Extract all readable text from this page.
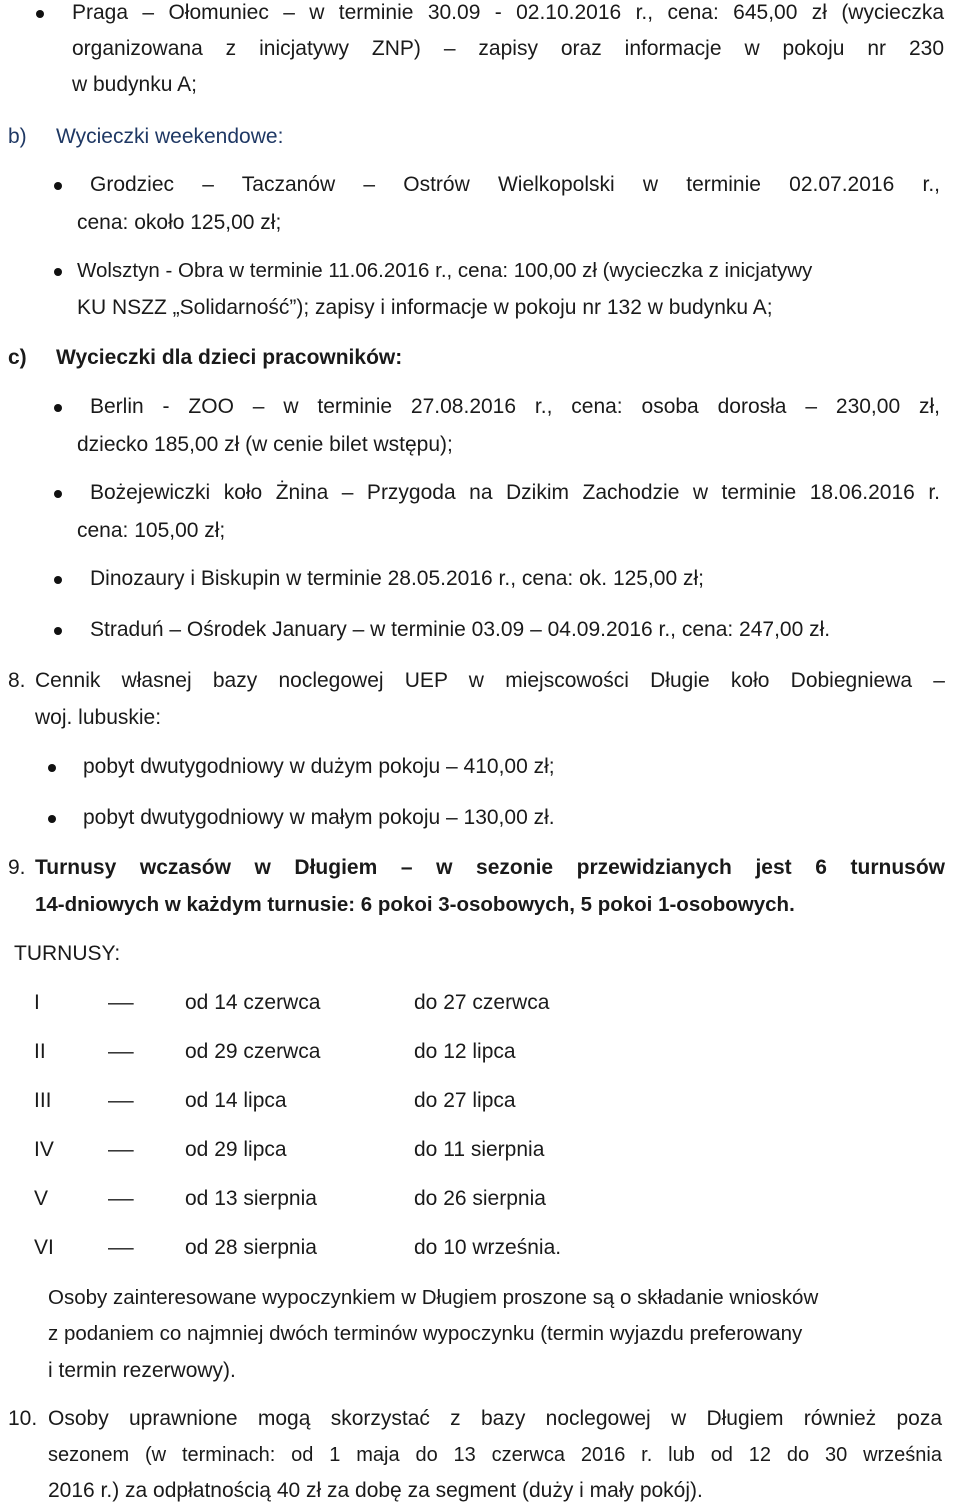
Praga – Ołomuniec – w terminie 30.09 - 02.10.2016 r., cena: 645,00 zł (wycieczka
organizowana z inicjatywy ZNP) – zapisy oraz informacje w pokoju nr 230
w budynku A;
b) Wycieczki weekendowe:
Grodziec – Taczanów – Ostrów Wielkopolski w terminie 02.07.2016 r.,
cena: około 125,00 zł;
Wolsztyn - Obra w terminie 11.06.2016 r., cena: 100,00 zł (wycieczka z inicjatywy
KU NSZZ „Solidarność”); zapisy i informacje w pokoju nr 132 w budynku A;
c) Wycieczki dla dzieci pracowników:
Berlin - ZOO – w terminie 27.08.2016 r., cena: osoba dorosła – 230,00 zł,
dziecko 185,00 zł (w cenie bilet wstępu);
Bożejewiczki koło Żnina – Przygoda na Dzikim Zachodzie w terminie 18.06.2016 r.
cena: 105,00 zł;
Dinozaury i Biskupin w terminie 28.05.2016 r., cena: ok. 125,00 zł;
Straduń – Ośrodek January – w terminie 03.09 – 04.09.2016 r., cena: 247,00 zł.
8. Cennik własnej bazy noclegowej UEP w miejscowości Długie koło Dobiegniewa –
woj. lubuskie:
pobyt dwutygodniowy w dużym pokoju – 410,00 zł;
pobyt dwutygodniowy w małym pokoju – 130,00 zł.
9. Turnusy wczasów w Długiem – w sezonie przewidzianych jest 6 turnusów
14-dniowych w każdym turnusie: 6 pokoi 3-osobowych, 5 pokoi 1-osobowych.
TURNUSY:
I	– od 14 czerwca	do 27 czerwca
II	– od 29 czerwca	do 12 lipca
III	– od 14 lipca	do 27 lipca
IV	– od 29 lipca	do 11 sierpnia
V	– od 13 sierpnia	do 26 sierpnia
VI	– od 28 sierpnia	do 10 września.
Osoby zainteresowane wypoczynkiem w Długiem proszone są o składanie wniosków
z podaniem co najmniej dwóch terminów wypoczynku (termin wyjazdu preferowany
i termin rezerwowy).
10. Osoby uprawnione mogą skorzystać z bazy noclegowej w Długiem również poza
sezonem (w terminach: od 1 maja do 13 czerwca 2016 r. lub od 12 do 30 września
2016 r.) za odpłatnością 40 zł za dobę za segment (duży i mały pokój).
